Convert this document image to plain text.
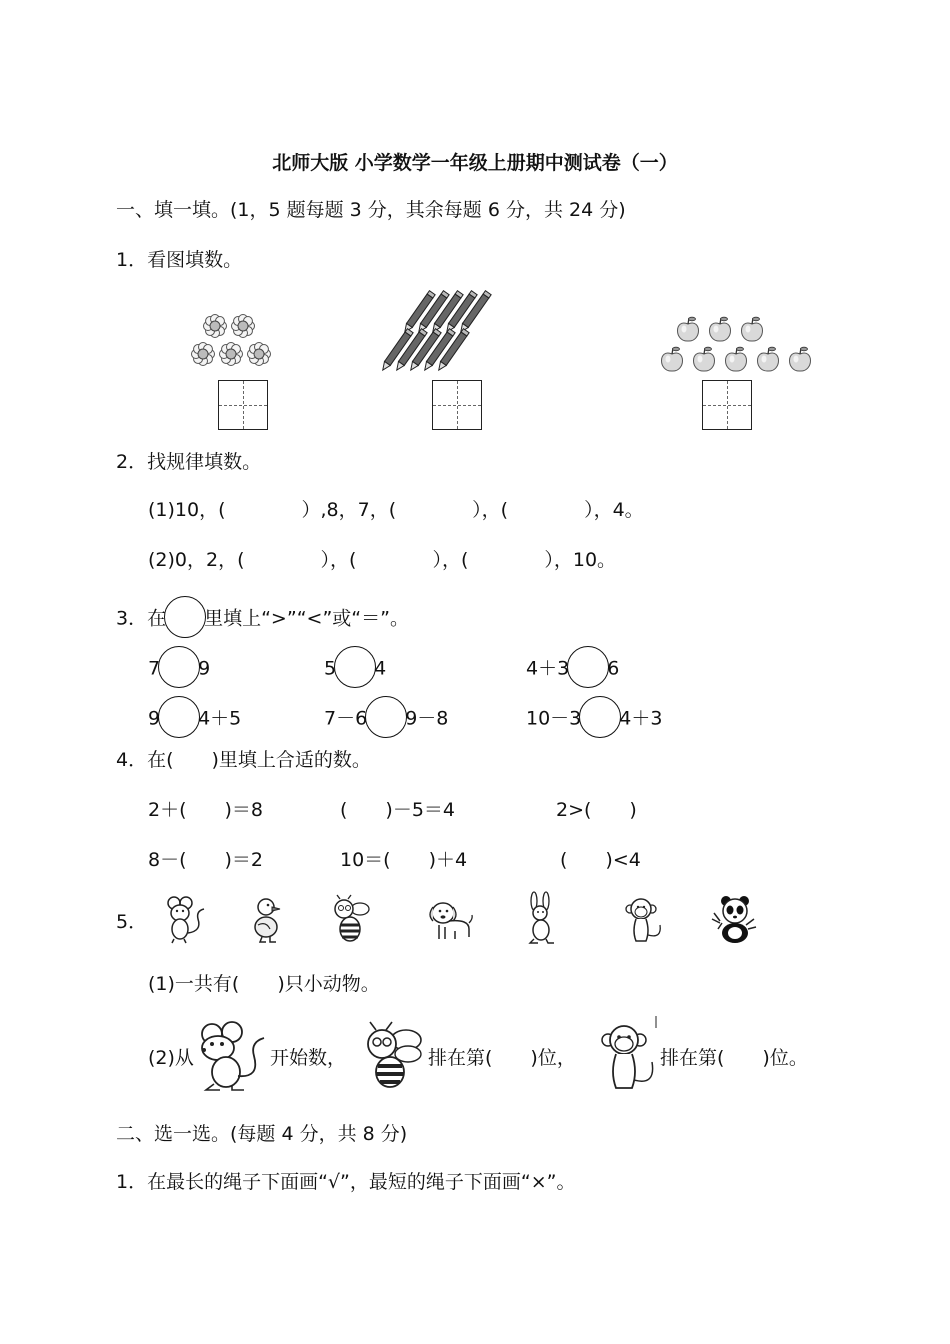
北师大版 小学数学一年级上册期中测试卷（一）
一、填一填。(1，5 题每题 3 分，其余每题 6 分，共 24 分)
1．看图填数。
2．找规律填数。
(1)10，(	）,8，7，(	），(	），4。
(2)0，2，(	），(	），(	），10。
3．在 里填上“>”“<”或“＝”。
7 9	5 4	4＋3 6
9 4＋5	7－6 9－8	10－3 4＋3
4．在(　　)里填上合适的数。
2＋(　　)＝8	(　　)－5＝4	2>(　　)
8－(　　)＝2	10＝(　　)＋4	(　　)<4
5．
(1)一共有(　　)只小动物。
(2)从	开始数，	排在第(　　)位，	排在第(　　)位。
二、选一选。(每题 4 分，共 8 分)
1．在最长的绳子下面画“√”，最短的绳子下面画“×”。
